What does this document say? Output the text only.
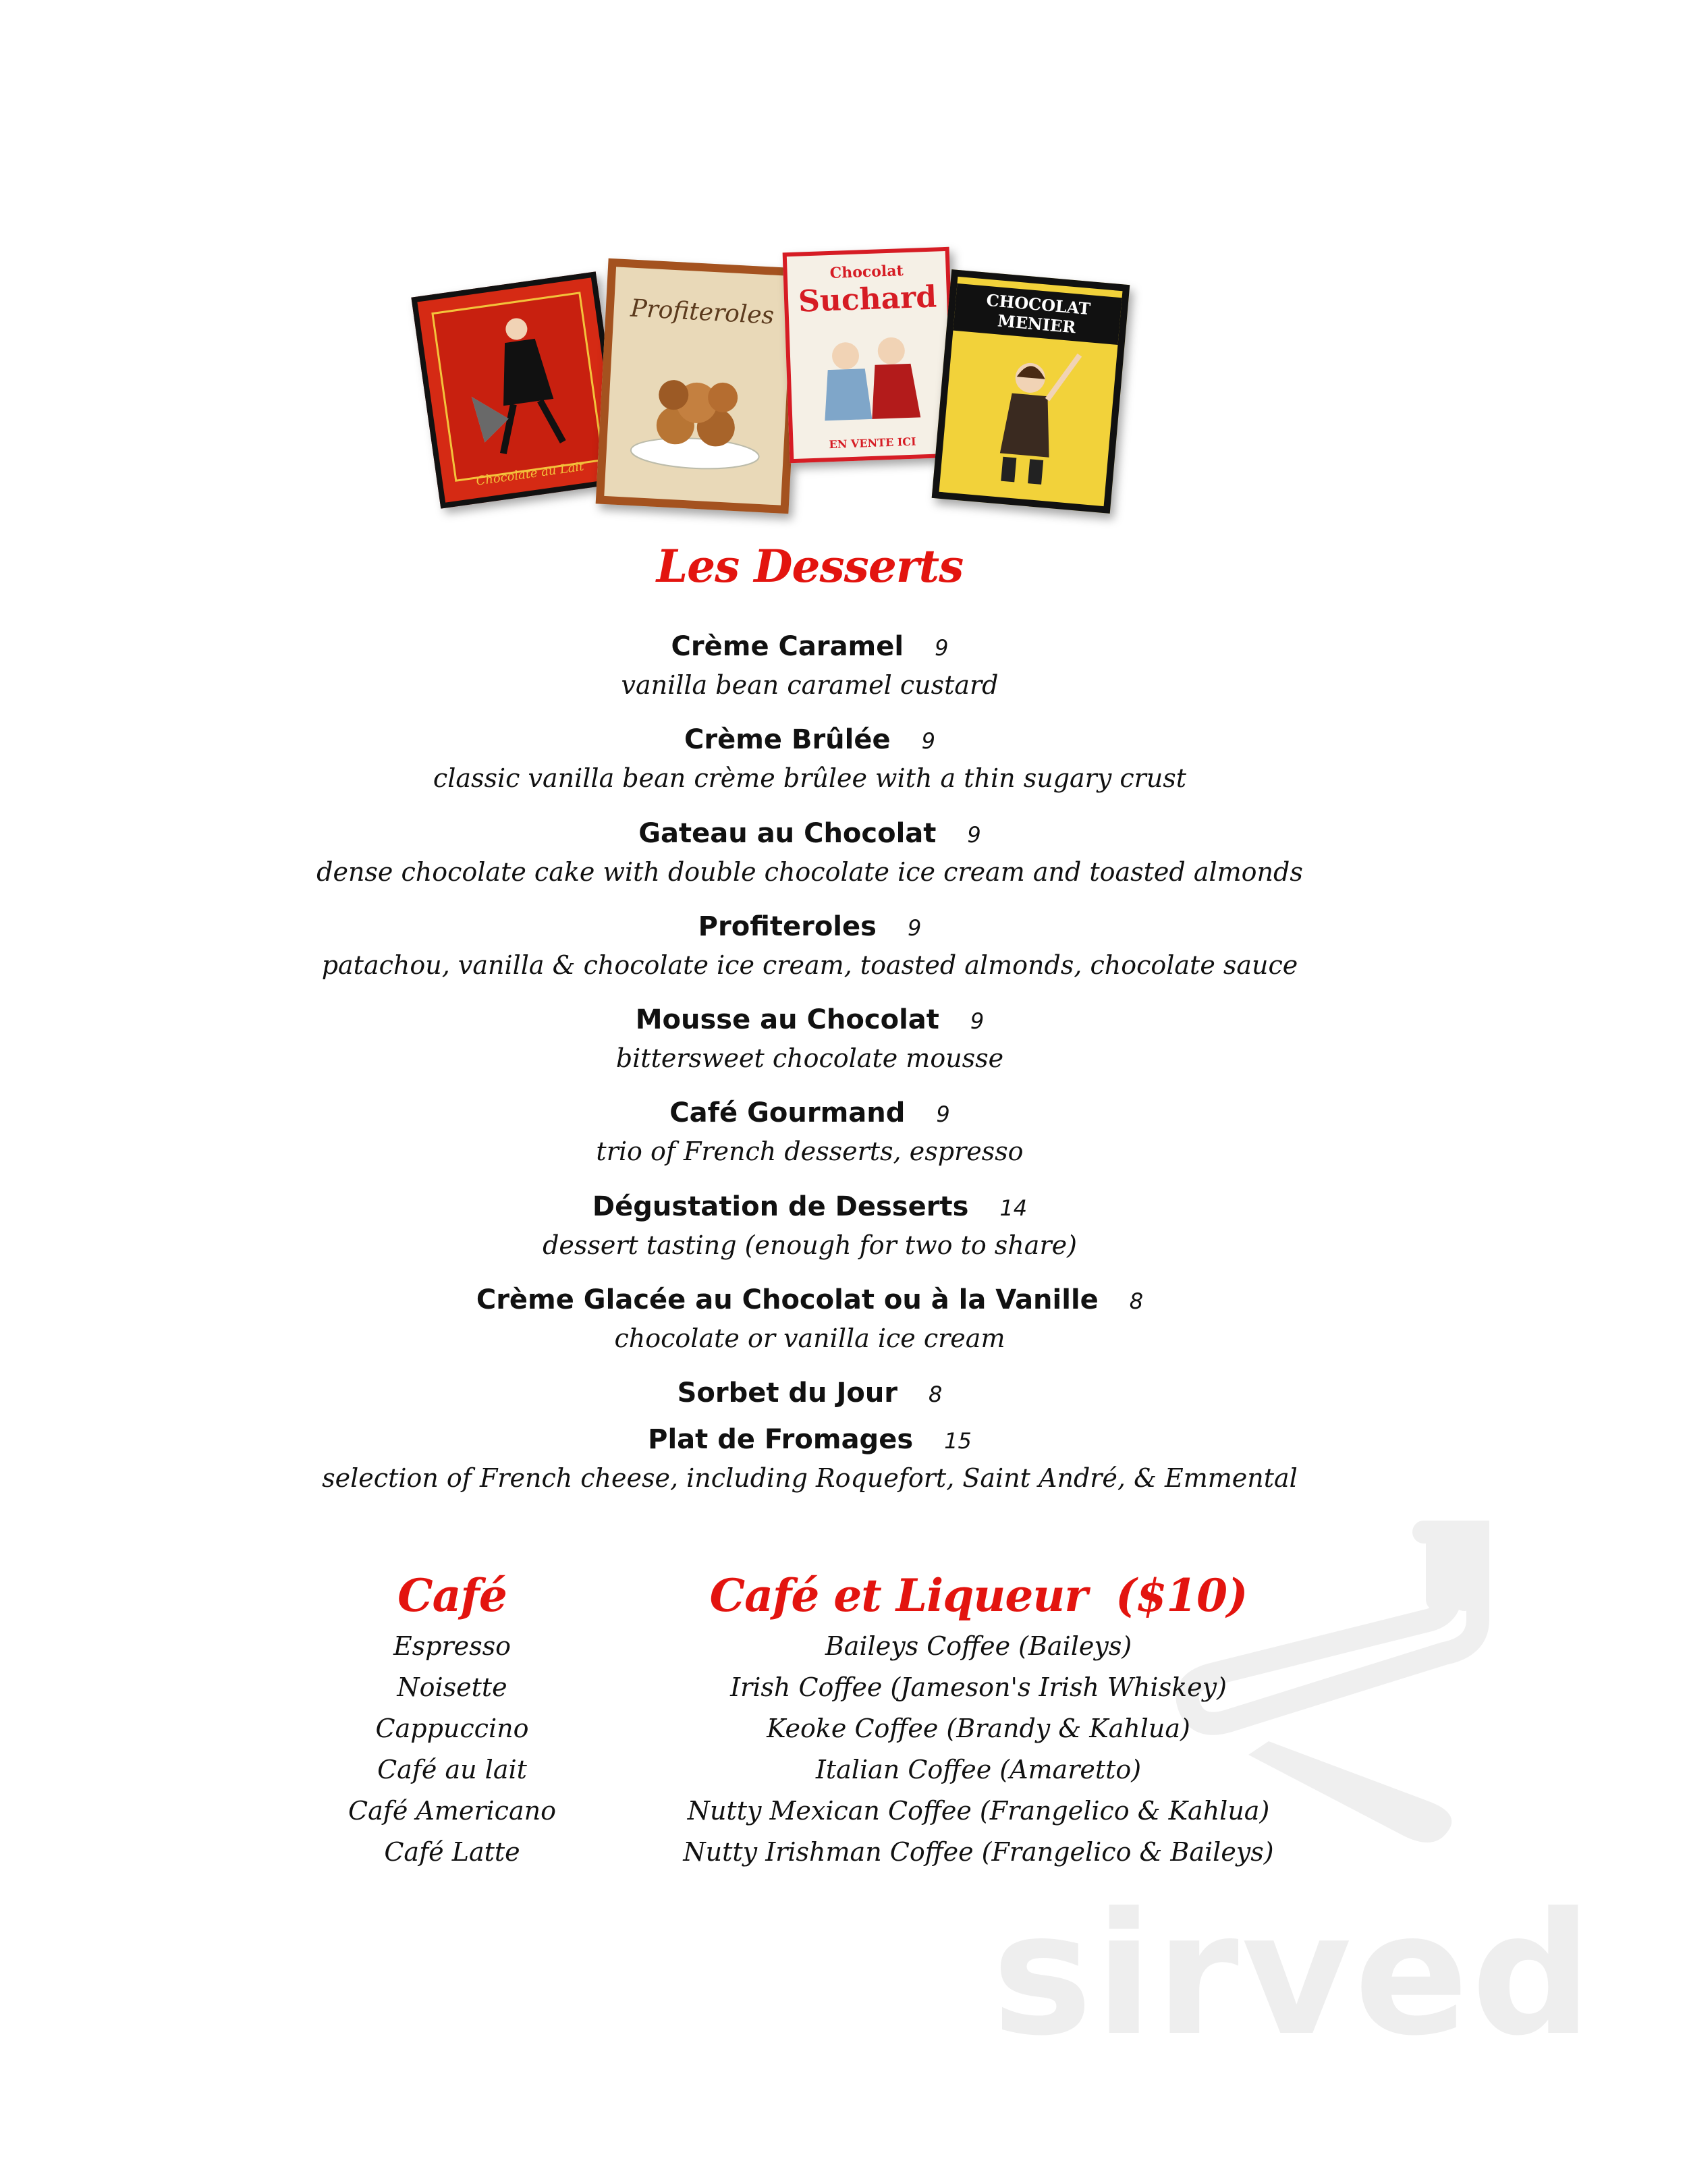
Chocolate au Lait
Profiteroles
Chocolat
Suchard
EN VENTE ICI
CHOCOLAT MENIER
Les Desserts
Crème Caramel 9
vanilla bean caramel custard
Crème Brûlée 9
classic vanilla bean crème brûlee with a thin sugary crust
Gateau au Chocolat 9
dense chocolate cake with double chocolate ice cream and toasted almonds
Profiteroles 9
patachou, vanilla & chocolate ice cream, toasted almonds, chocolate sauce
Mousse au Chocolat 9
bittersweet chocolate mousse
Café Gourmand 9
trio of French desserts, espresso
Dégustation de Desserts 14
dessert tasting (enough for two to share)
Crème Glacée au Chocolat ou à la Vanille 8
chocolate or vanilla ice cream
Sorbet du Jour 8
Plat de Fromages 15
selection of French cheese, including Roquefort, Saint André, & Emmental
sirved
Café
Espresso
Noisette
Cappuccino
Café au lait
Café Americano
Café Latte
Café et Liqueur ($10)
Baileys Coffee (Baileys)
Irish Coffee (Jameson's Irish Whiskey)
Keoke Coffee (Brandy & Kahlua)
Italian Coffee (Amaretto)
Nutty Mexican Coffee (Frangelico & Kahlua)
Nutty Irishman Coffee (Frangelico & Baileys)
